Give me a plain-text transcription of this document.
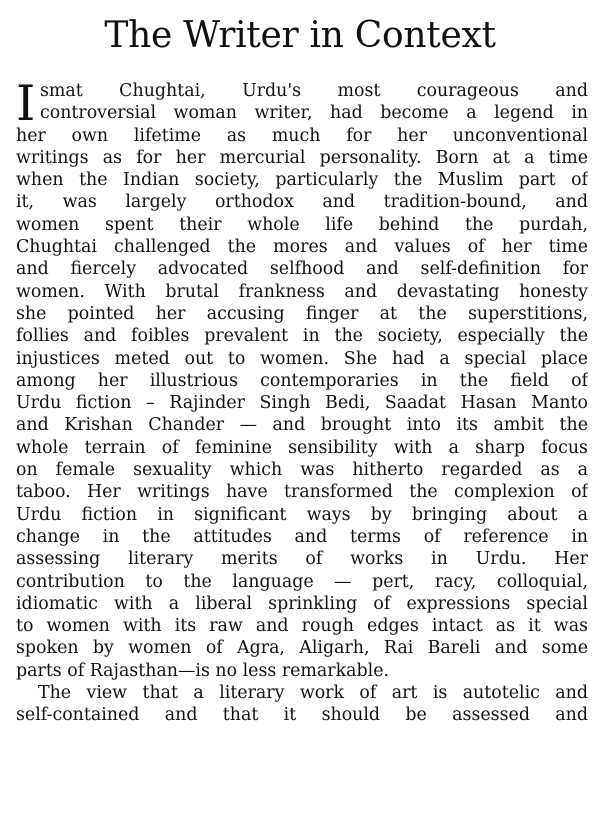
The Writer in Context
I smat Chughtai, Urdu's most courageous and
controversial woman writer, had become a legend in
her own lifetime as much for her unconventional
writings as for her mercurial personality. Born at a time
when the Indian society, particularly the Muslim part of
it, was largely orthodox and tradition-bound, and
women spent their whole life behind the purdah,
Chughtai challenged the mores and values of her time
and fiercely advocated selfhood and self-definition for
women. With brutal frankness and devastating honesty
she pointed her accusing finger at the superstitions,
follies and foibles prevalent in the society, especially the
injustices meted out to women. She had a special place
among her illustrious contemporaries in the field of
Urdu fiction – Rajinder Singh Bedi, Saadat Hasan Manto
and Krishan Chander — and brought into its ambit the
whole terrain of feminine sensibility with a sharp focus
on female sexuality which was hitherto regarded as a
taboo. Her writings have transformed the complexion of
Urdu fiction in significant ways by bringing about a
change in the attitudes and terms of reference in
assessing literary merits of works in Urdu. Her
contribution to the language — pert, racy, colloquial,
idiomatic with a liberal sprinkling of expressions special
to women with its raw and rough edges intact as it was
spoken by women of Agra, Aligarh, Rai Bareli and some
parts of Rajasthan—is no less remarkable.
The view that a literary work of art is autotelic and
self-contained and that it should be assessed and
